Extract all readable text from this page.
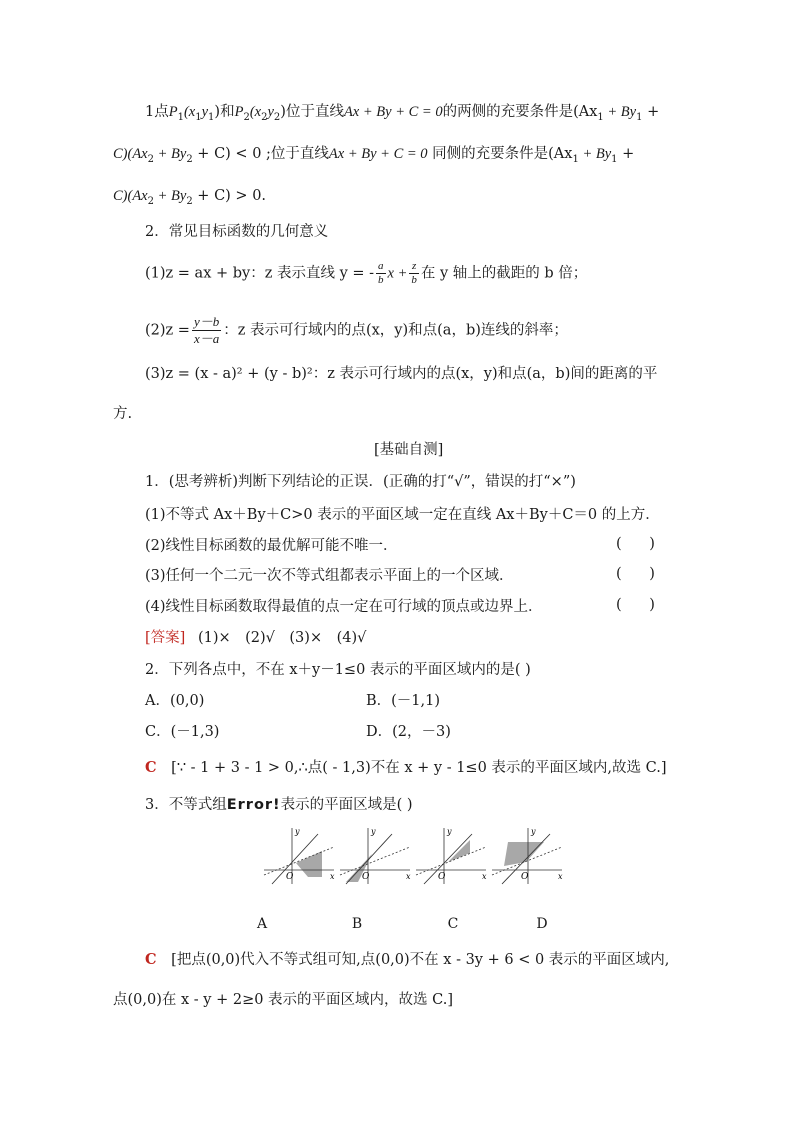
1点$P_1(x_1y_1)$和$P_2(x_2y_2)$位于直线Ax + By + C = 0的两侧的充要条件是($Ax_1 + By_1$ +
$C)(Ax_2 + By_2 + C) < 0$ ;位于直线Ax + By + C = 0 同侧的充要条件是($Ax_1 + By_1$ +
$C)(Ax_2 + By_2 + C) > 0$.
2．常见目标函数的几何意义
(1)z = ax + by：z 表示直线 y = - $\frac{a}{b}$ $x + \frac{z}{b}$ 在 y 轴上的截距的 b 倍；
$(2)z = \frac{y-b}{x-a}$ ：z 表示可行域内的点(x，y)和点(a，b)连线的斜率；
(3)z = (x - a)² + (y - b)²：z 表示可行域内的点(x，y)和点(a，b)间的距离的平
方.
[基础自测]
1．(思考辨析)判断下列结论的正误．(正确的打“√”，错误的打“×”)
(1)不等式 Ax＋By＋C>0 表示的平面区域一定在直线 Ax＋By＋C＝0 的上方．
(2)线性目标函数的最优解可能不唯一．	(      )
(3)任何一个二元一次不等式组都表示平面上的一个区域．	(      )
(4)线性目标函数取得最值的点一定在可行域的顶点或边界上．	(      )
[答案] (1)×　(2)√　(3)×　(4)√
2．下列各点中，不在 x＋y－1≤0 表示的平面区域内的是( )
A．(0,0)	B．(－1,1)
C．(－1,3)	D．(2，－3)
C [∵ - 1 + 3 - 1 > 0,∴点( - 1,3)不在 x + y - 1≤0 表示的平面区域内,故选 C.]
3．不等式组Error!表示的平面区域是( )
y
x
O
y
x
O
y
x
O
y
x
O
A	B	C	D
C [把点(0,0)代入不等式组可知,点(0,0)不在 x - 3y + 6 < 0 表示的平面区域内,
点(0,0)在 x - y + 2≥0 表示的平面区域内，故选 C.]
